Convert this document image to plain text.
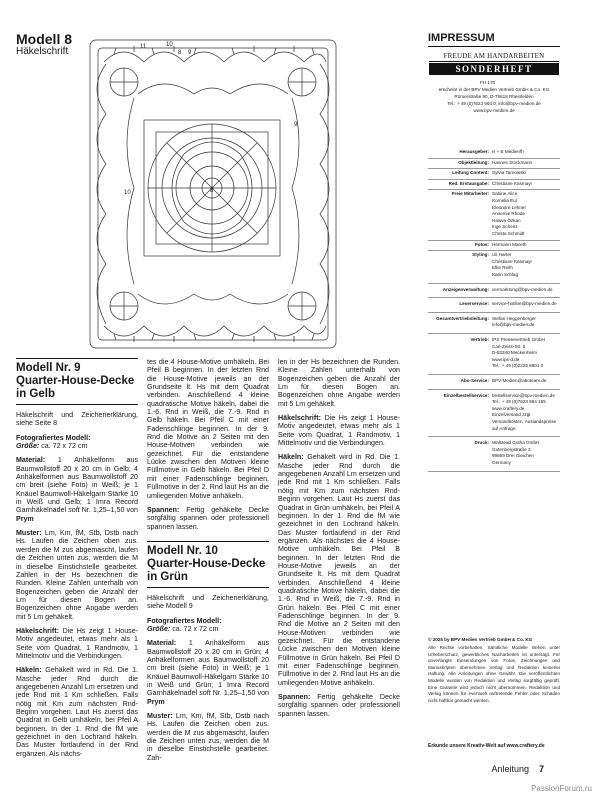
Modell 8
Häkelschrift	8 9
10
11
8
9
10
Modell Nr. 9
Quarter-House-Decke
in Gelb

Häkelschrift und Zeichenerklärung, siehe Seite 8

Fotografiertes Modell:
Größe: ca. 72 x 72 cm

Material: 1 Anhäkelform aus Baumwollstoff 20 x 20 cm in Gelb; 4 Anhäkelformen aus Baumwollstoff 20 cm breit (siehe Foto) in Weiß; je 1 Knäuel Baumwoll-Häkelgarn Stärke 10 in Weiß und Gelb; 1 Imra Record Garnhäkelnadel soft Nr. 1,25–1,50 von Prym

Muster: Lm, Km, fM, Stb, Dstb nach Hs. Laufen die Zeichen oben zus. werden die M zus abgemascht, laufen die Zeichen unten zus, werden die M in dieselbe Einstichstelle gearbeitet. Zahlen in der Hs bezeichnen die Runden. Kleine Zahlen unterhalb von Bogenzeichen geben die Anzahl der Lm für diesen Bogen an. Bogenzeichen ohne Angabe werden mit 5 Lm gehäkelt.

Häkelschrift: Die Hs zeigt 1 House-Motiv angedeutet, etwas mehr als 1 Seite vom Quadrat, 1 Randmotiv, 1 Mittelmotiv und die Verbindungen.

Häkeln: Gehäkelt wird in Rd. Die 1. Masche jeder Rnd durch die angegebenen Anzahl Lm ersetzen und jede Rnd mit 1 Km schließen. Falls nötig mit Km zum nächsten Rnd-Beginn vorgehen. Laut Hs zuerst das Quadrat in Gelb umhäkeln, bei Pfeil A beginnen. In der 1. Rnd die fM wie gezeichnet in den Lochrand häkeln. Das Muster fortlaufend in der Rnd ergänzen. Als nächs-

tes die 4 House-Motive umhäkeln. Bei Pfeil B beginnen. In der letzten Rnd die House-Motive jeweils an der Grundseite lt. Hs mit dem Quadrat verbinden. Anschließend 4 kleine quadratische Motive häkeln, dabei die 1.-6. Rnd in Weiß, die 7.-9. Rnd in Gelb häkeln. Bei Pfeil C mit einer Fadenschlinge beginnen. In der 9. Rnd die Motive an 2 Seiten mit den House-Motiven verbinden wie gezeichnet. Für die entstandene Lücke zwischen den Motiven kleine Füllmotive in Gelb häkeln. Bei Pfeil D mit einer Fadenschlinge beginnen. Füllmotive in der 2. Rnd laut Hs an die umliegenden Motive anhäkeln.

Spannen: Fertig gehäkelte Decke sorgfältig spannen oder professionell spannen lassen.

Modell Nr. 10
Quarter-House-Decke
in Grün

Häkelschrift und Zeichenerklärung, siehe Modell 9

Fotografiertes Modell:
Größe: ca. 72 x 72 cm

Material: 1 Anhäkelform aus Baumwollstoff 20 x 20 cm in Grün; 4 Anhäkelformen aus Baumwollstoff 20 cm breit (siehe Foto) in Weiß; je 1 Knäuel Baumwoll-Häkelgarn Stärke 10 in Weiß und Grün; 1 Imra Record Garnhäkelnadel soft Nr. 1,25–1,50 von Prym

Muster: Lm, Km, fM, Stb, Dstb nach Hs. Laufen die Zeichen oben zus. werden die M zus abgemascht, laufen die Zeichen unten zus, werden die M in dieselbe Einstichstelle gearbeitet. Zah-

len in der Hs bezeichnen die Runden. Kleine Zahlen unterhalb von Bogenzeichen geben die Anzahl der Lm für diesen Bogen an. Bogenzeichen ohne Angabe werden mit 5 Lm gehäkelt.

Häkelschrift: Die Hs zeigt 1 House-Motiv angedeutet, etwas mehr als 1 Seite vom Quadrat, 1 Randmotiv, 1 Mittelmotiv und die Verbindungen.

Häkeln: Gehäkelt wird in Rd. Die 1. Masche jeder Rnd durch die angegebenen Anzahl Lm ersetzen und jede Rnd mit 1 Km schließen. Falls nötig mit Km zum nächsten Rnd-Beginn vorgehen. Laut Hs zuerst das Quadrat in Grün umhäkeln, bei Pfeil A beginnen. In der 1. Rnd die fM wie gezeichnet in den Lochrand häkeln. Das Muster fortlaufend in der Rnd ergänzen. Als nächstes die 4 House-Motive umhäkeln. Bei Pfeil B beginnen. In der letzten Rnd die House-Motive jeweils an der Grundseite lt. Hs mit dem Quadrat verbinden. Anschließend 4 kleine quadratische Motive häkeln, dabei die 1.-6. Rnd in Weiß, die 7.-9. Rnd in Grün häkeln. Bei Pfeil C mit einer Fadenschlinge beginnen. In der 9. Rnd die Motive an 2 Seiten mit den House-Motiven verbinden wie gezeichnet. Für die entstandene Lücke zwischen den Motiven kleine Füllmotive in Grün häkeln. Bei Pfeil D mit einer Fadenschlinge beginnen. Füllmotive in der 2. Rnd laut Hs an die umliegenden Motive anhäkeln.

Spannen: Fertig gehäkelte Decke sorgfältig spannen oder professionell spannen lassen.

IMPRESSUM
FREUDE AM HANDARBEITEN
SONDERHEFT
FH 170
erscheint in der BPV Medien Vertrieb GmbH & Co. KG
Römerstraße 90, D-79618 Rheinfelden
Tel.: + 49 (0)7623 964 0, info@bpv-medien.de
www.bpv-medien.de
Herausgeber: H + E Medienfh
Objektleitung: Hannes Stockmann
Leitung Content: Sylvia Tarnowski
Red. Erstausgabe: Christiane Käsmayr
Freie Mitarbeiter: Sabine Alice
Kornelia Eul
Eleonore Lehner
Annemie Rhode
Hawva Özkan
Inge Schenz
Christa Schmidt
Fotos: Hermann Mareth
Styling: Uli Harter
Christiane Käsmayr
Elke Reith
Karin Schlag
Anzeigenverwaltung: vermarktung@bpv-medien.de
Leserservice: service-hotline@bpv-medien.de
Gesamtvertriebsleitung: Stefan Heggenberger
info@bpv-medien.de
Vertrieb: IPS Pressevertrieb GmbH
Carl-Zeiss-Str. 5
D-53340 Meckenheim
www.ips-d.de
Tel.: + 49 (0)2225 8801 0
Abo-Service: BPV-Medien@abotеam.de
Einzelbestellservice: bestellservice@bpv-medien.de
Tel.: + 49 (0)7623 964 155
www.craftery.de
Einzelversand zzgl.
Versandkosten, Auslandspreise
auf Anfrage.
Druck: Walstead Gotha GmbH
Gutenbergstraße 3
99869 Drei Gleichen
Germany
© 2025 by BPV Medien Vertrieb GmbH & Co. KG
Alle Rechte vorbehalten. Sämtliche Modelle stehen unter Urheberschutz, gewerbliches Nacharbeiten ist untersagt. Für unverlangte Einsendungen von Fotos, Zeichnungen und Manuskripten übernehmen Verlag und Redaktion keinerlei Haftung. Alle Anleitungen ohne Gewähr. Die veröffentlichten Modelle wurden von Redaktion und Verlag sorgfältig geprüft. Eine Garantie wird jedoch nicht übernommen. Redaktion und Verlag können für eventuell auftretende Fehler oder Schäden nicht haftbar gemacht werden.
Erkunde unsere Kreativ-Welt auf www.craftery.de
Anleitung 7
PassionForum.ru
